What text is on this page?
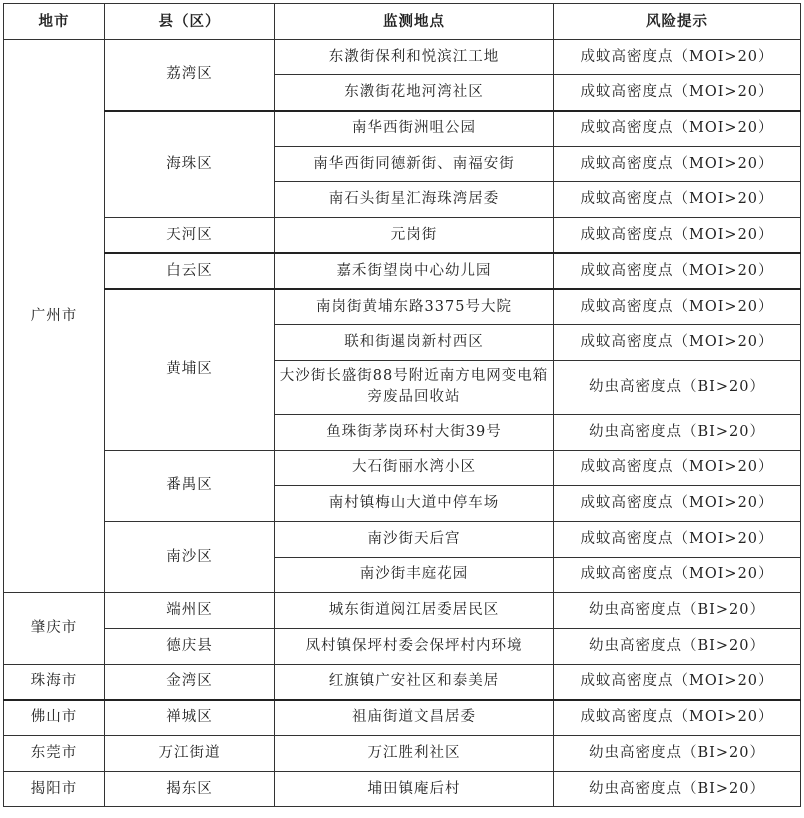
地市	县（区）	监测地点	风险提示
广州市	荔湾区	东漖街保利和悦滨江工地	成蚊高密度点（MOI>20）
		东漖街花地河湾社区	成蚊高密度点（MOI>20）
	海珠区	南华西街洲咀公园	成蚊高密度点（MOI>20）
		南华西街同德新街、南福安街	成蚊高密度点（MOI>20）
		南石头街星汇海珠湾居委	成蚊高密度点（MOI>20）
	天河区	元岗街	成蚊高密度点（MOI>20）
	白云区	嘉禾街望岗中心幼儿园	成蚊高密度点（MOI>20）
	黄埔区	南岗街黄埔东路3375号大院	成蚊高密度点（MOI>20）
		联和街暹岗新村西区	成蚊高密度点（MOI>20）
		大沙街长盛街88号附近南方电网变电箱旁废品回收站	幼虫高密度点（BI>20）
		鱼珠街茅岗环村大街39号	幼虫高密度点（BI>20）
	番禺区	大石街丽水湾小区	成蚊高密度点（MOI>20）
		南村镇梅山大道中停车场	成蚊高密度点（MOI>20）
	南沙区	南沙街天后宫	成蚊高密度点（MOI>20）
		南沙街丰庭花园	成蚊高密度点（MOI>20）
肇庆市	端州区	城东街道阅江居委居民区	幼虫高密度点（BI>20）
	德庆县	凤村镇保坪村委会保坪村内环境	幼虫高密度点（BI>20）
珠海市	金湾区	红旗镇广安社区和泰美居	成蚊高密度点（MOI>20）
佛山市	禅城区	祖庙街道文昌居委	成蚊高密度点（MOI>20）
东莞市	万江街道	万江胜利社区	幼虫高密度点（BI>20）
揭阳市	揭东区	埔田镇庵后村	幼虫高密度点（BI>20）
